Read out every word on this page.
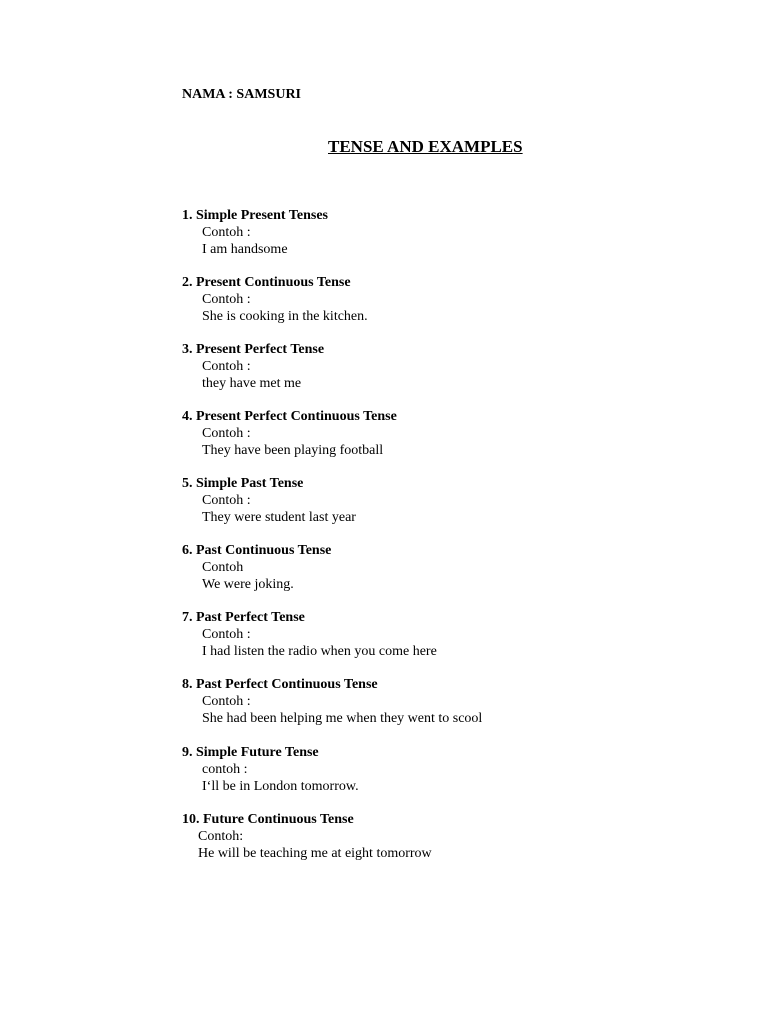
NAMA : SAMSURI
TENSE AND EXAMPLES
1. Simple Present Tenses
Contoh :
I am handsome
2. Present Continuous Tense
Contoh :
She is cooking in the kitchen.
3. Present Perfect Tense
Contoh :
they have met me
4. Present Perfect Continuous Tense
Contoh :
They have been playing football
5. Simple Past Tense
Contoh :
They were student last year
6. Past Continuous Tense
Contoh
We were joking.
7. Past Perfect Tense
Contoh :
I had listen the radio when you come here
8. Past Perfect Continuous Tense
Contoh :
She had been helping me when they went to scool
9. Simple Future Tense
contoh :
I‘ll be in London tomorrow.
10. Future Continuous Tense
Contoh:
He will be teaching me at eight tomorrow
